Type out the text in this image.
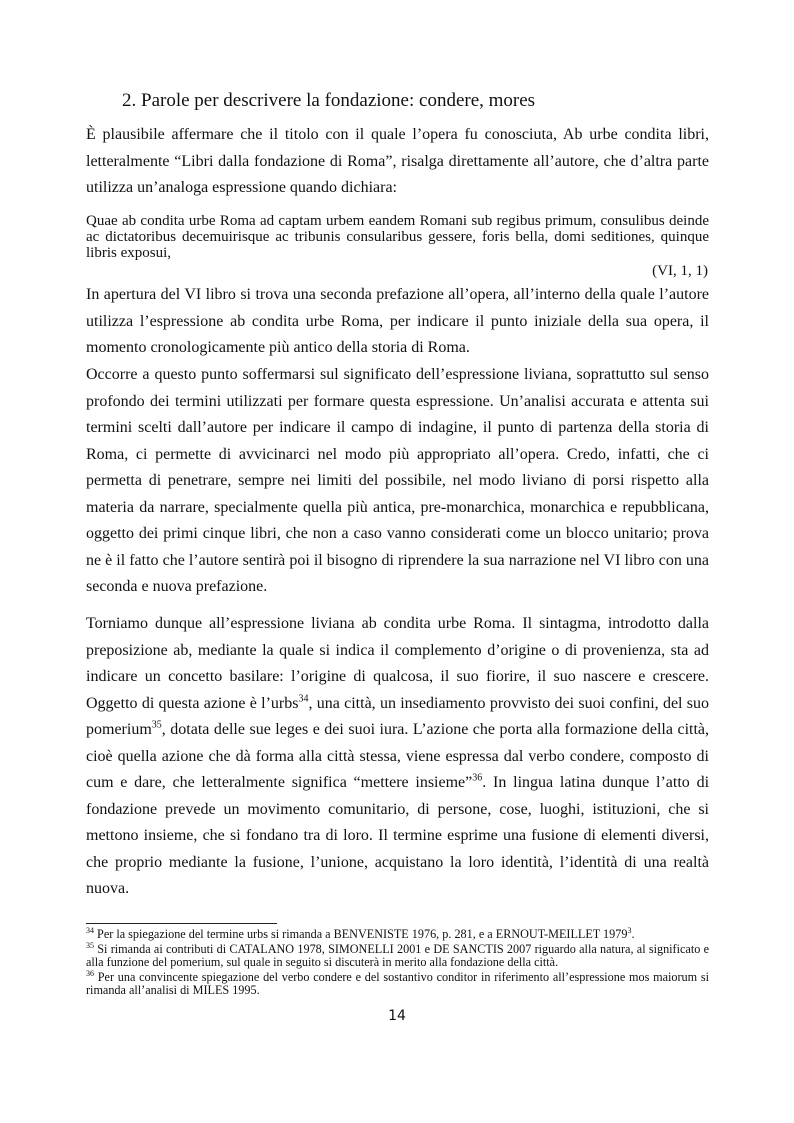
2. Parole per descrivere la fondazione: condere, mores
È plausibile affermare che il titolo con il quale l’opera fu conosciuta, Ab urbe condita libri, letteralmente “Libri dalla fondazione di Roma”, risalga direttamente all’autore, che d’altra parte utilizza un’analoga espressione quando dichiara:
Quae ab condita urbe Roma ad captam urbem eandem Romani sub regibus primum, consulibus deinde ac dictatoribus decemuirisque ac tribunis consularibus gessere, foris bella, domi seditiones, quinque libris exposui,
(VI, 1, 1)
In apertura del VI libro si trova una seconda prefazione all’opera, all’interno della quale l’autore utilizza l’espressione ab condita urbe Roma, per indicare il punto iniziale della sua opera, il momento cronologicamente più antico della storia di Roma.
Occorre a questo punto soffermarsi sul significato dell’espressione liviana, soprattutto sul senso profondo dei termini utilizzati per formare questa espressione. Un’analisi accurata e attenta sui termini scelti dall’autore per indicare il campo di indagine, il punto di partenza della storia di Roma, ci permette di avvicinarci nel modo più appropriato all’opera. Credo, infatti, che ci permetta di penetrare, sempre nei limiti del possibile, nel modo liviano di porsi rispetto alla materia da narrare, specialmente quella più antica, pre-monarchica, monarchica e repubblicana, oggetto dei primi cinque libri, che non a caso vanno considerati come un blocco unitario; prova ne è il fatto che l’autore sentirà poi il bisogno di riprendere la sua narrazione nel VI libro con una seconda e nuova prefazione.
Torniamo dunque all’espressione liviana ab condita urbe Roma. Il sintagma, introdotto dalla preposizione ab, mediante la quale si indica il complemento d’origine o di provenienza, sta ad indicare un concetto basilare: l’origine di qualcosa, il suo fiorire, il suo nascere e crescere. Oggetto di questa azione è l’urbs$^{34}$, una città, un insediamento provvisto dei suoi confini, del suo pomerium$^{35}$, dotata delle sue leges e dei suoi iura. L’azione che porta alla formazione della città, cioè quella azione che dà forma alla città stessa, viene espressa dal verbo condere, composto di cum e dare, che letteralmente significa “mettere insieme”$^{36}$. In lingua latina dunque l’atto di fondazione prevede un movimento comunitario, di persone, cose, luoghi, istituzioni, che si mettono insieme, che si fondano tra di loro. Il termine esprime una fusione di elementi diversi, che proprio mediante la fusione, l’unione, acquistano la loro identità, l’identità di una realtà nuova.

$^{34}$ Per la spiegazione del termine urbs si rimanda a BENVENISTE 1976, p. 281, e a ERNOUT-MEILLET 1979$^3$.

$^{35}$ Si rimanda ai contributi di CATALANO 1978, SIMONELLI 2001 e DE SANCTIS 2007 riguardo alla natura, al significato e alla funzione del pomerium, sul quale in seguito si discuterà in merito alla fondazione della città.

$^{36}$ Per una convincente spiegazione del verbo condere e del sostantivo conditor in riferimento all’espressione mos maiorum si rimanda all’analisi di MILES 1995.

14
